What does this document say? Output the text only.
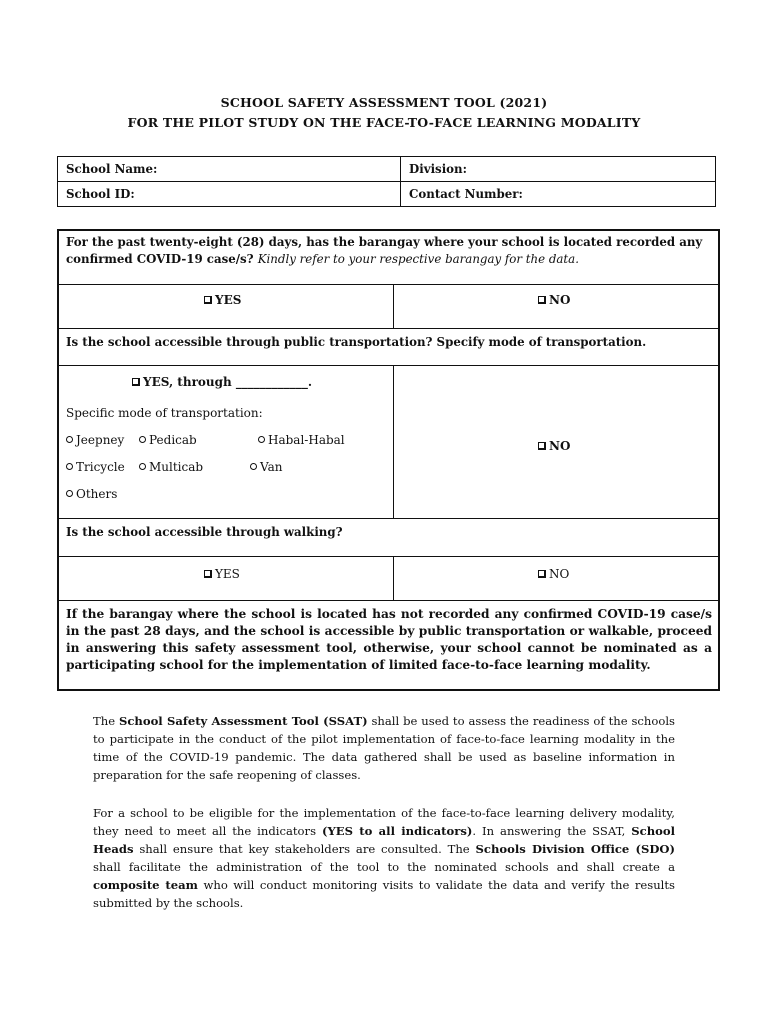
SCHOOL SAFETY ASSESSMENT TOOL (2021)
FOR THE PILOT STUDY ON THE FACE-TO-FACE LEARNING MODALITY
School Name:	Division:
School ID:	Contact Number:
For the past twenty-eight (28) days, has the barangay where your school is located recorded any confirmed COVID-19 case/s? Kindly refer to your respective barangay for the data.
YES	NO
Is the school accessible through public transportation? Specify mode of transportation.
YES, through ____________.
Specific mode of transportation:
Jeepney	Pedicab	Habal-Habal
Tricycle	Multicab	Van
Others
NO
Is the school accessible through walking?
YES	NO
If the barangay where the school is located has not recorded any confirmed COVID-19 case/s in the past 28 days, and the school is accessible by public transportation or walkable, proceed in answering this safety assessment tool, otherwise, your school cannot be nominated as a participating school for the implementation of limited face-to-face learning modality.
The School Safety Assessment Tool (SSAT) shall be used to assess the readiness of the schools to participate in the conduct of the pilot implementation of face-to-face learning modality in the time of the COVID-19 pandemic. The data gathered shall be used as baseline information in preparation for the safe reopening of classes.
For a school to be eligible for the implementation of the face-to-face learning delivery modality, they need to meet all the indicators (YES to all indicators). In answering the SSAT, School Heads shall ensure that key stakeholders are consulted. The Schools Division Office (SDO) shall facilitate the administration of the tool to the nominated schools and shall create a composite team who will conduct monitoring visits to validate the data and verify the results submitted by the schools.
